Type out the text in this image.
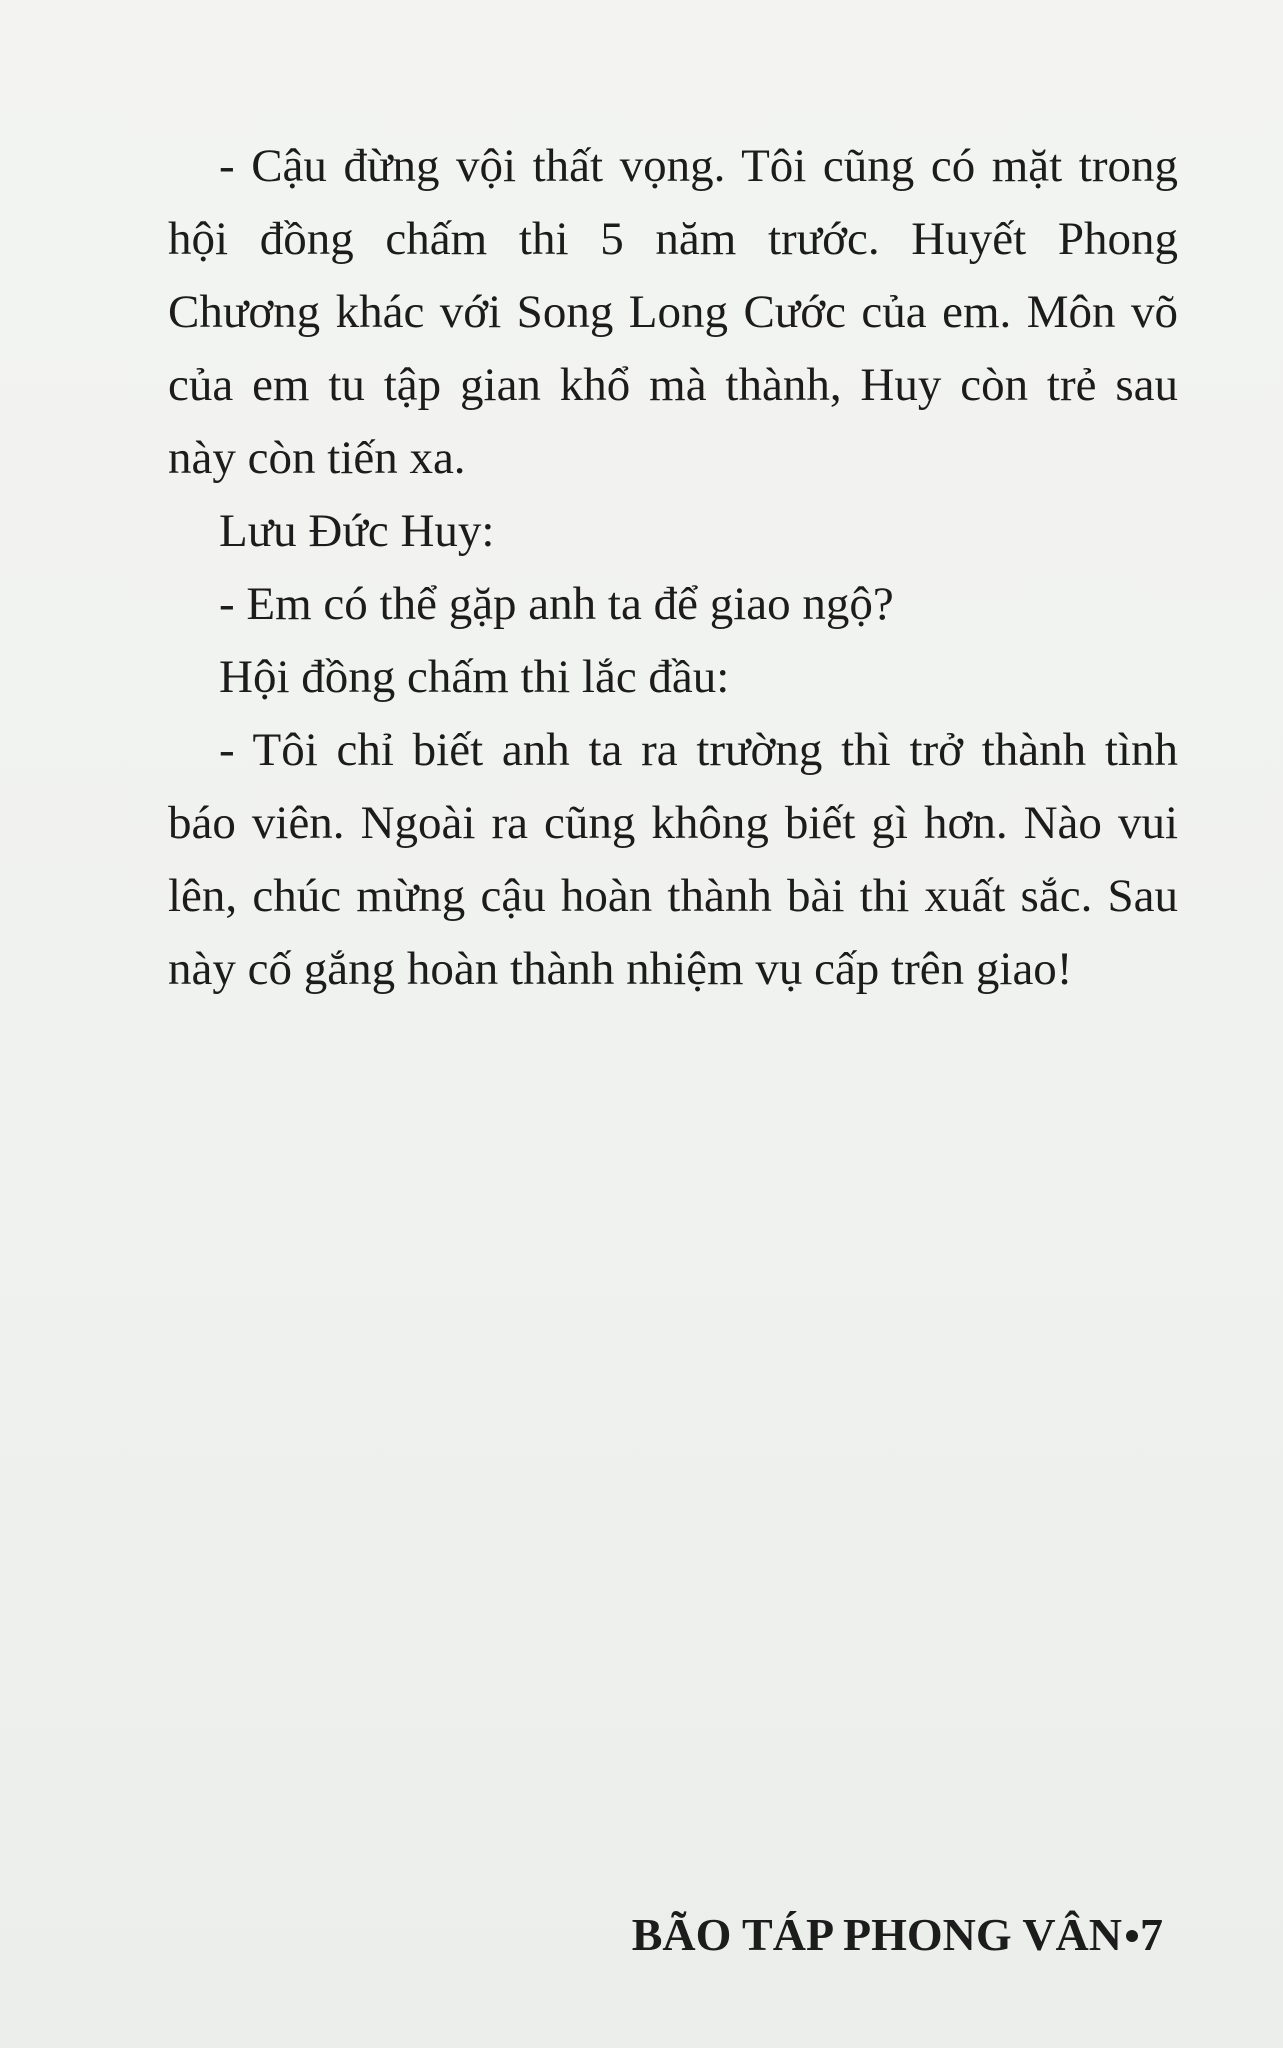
- Cậu đừng vội thất vọng. Tôi cũng có mặt trong hội đồng chấm thi 5 năm trước. Huyết Phong Chương khác với Song Long Cước của em. Môn võ của em tu tập gian khổ mà thành, Huy còn trẻ sau này còn tiến xa.

Lưu Đức Huy:

- Em có thể gặp anh ta để giao ngộ?

Hội đồng chấm thi lắc đầu:

- Tôi chỉ biết anh ta ra trường thì trở thành tình báo viên. Ngoài ra cũng không biết gì hơn. Nào vui lên, chúc mừng cậu hoàn thành bài thi xuất sắc. Sau này cố gắng hoàn thành nhiệm vụ cấp trên giao!

BÃO TÁP PHONG VÂN 7
